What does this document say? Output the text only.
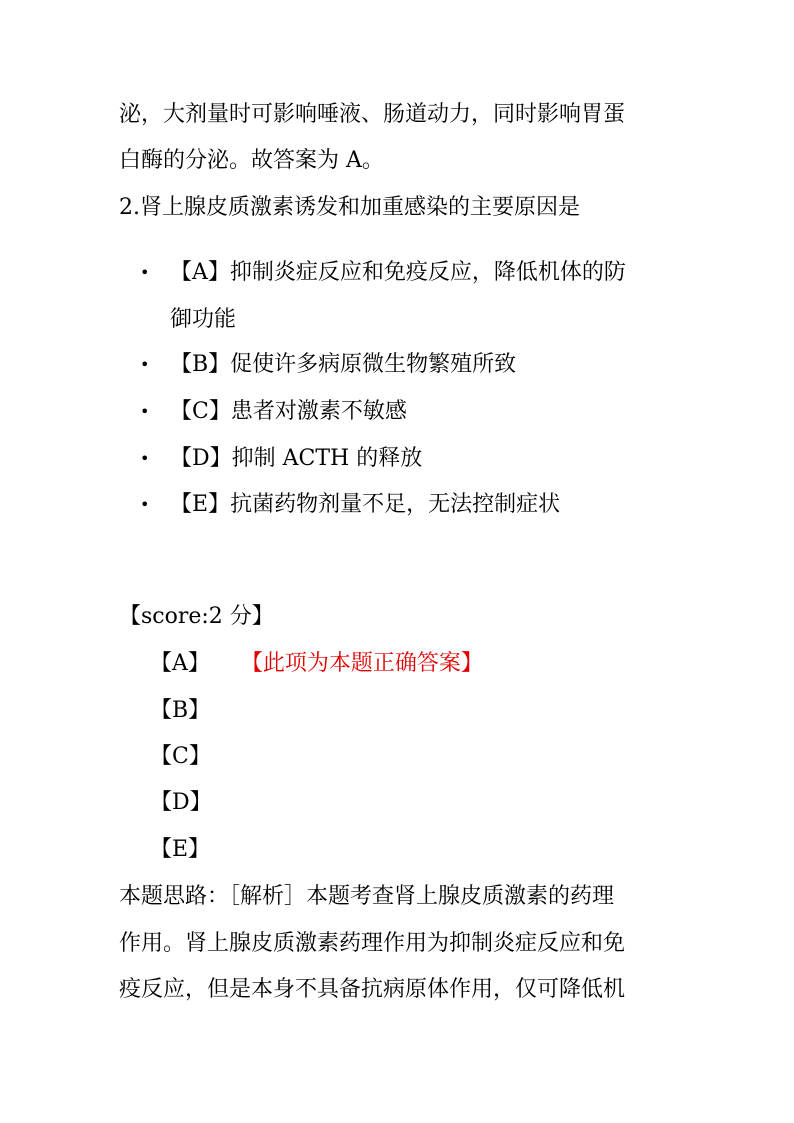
泌，大剂量时可影响唾液、肠道动力，同时影响胃蛋
白酶的分泌。故答案为 A。
2.肾上腺皮质激素诱发和加重感染的主要原因是
• 【A】抑制炎症反应和免疫反应，降低机体的防
御功能
• 【B】促使许多病原微生物繁殖所致
• 【C】患者对激素不敏感
• 【D】抑制 ACTH 的释放
• 【E】抗菌药物剂量不足，无法控制症状
【score:2 分】
【A】 【此项为本题正确答案】
【B】
【C】
【D】
【E】
本题思路：［解析］本题考查肾上腺皮质激素的药理
作用。肾上腺皮质激素药理作用为抑制炎症反应和免
疫反应，但是本身不具备抗病原体作用，仅可降低机
